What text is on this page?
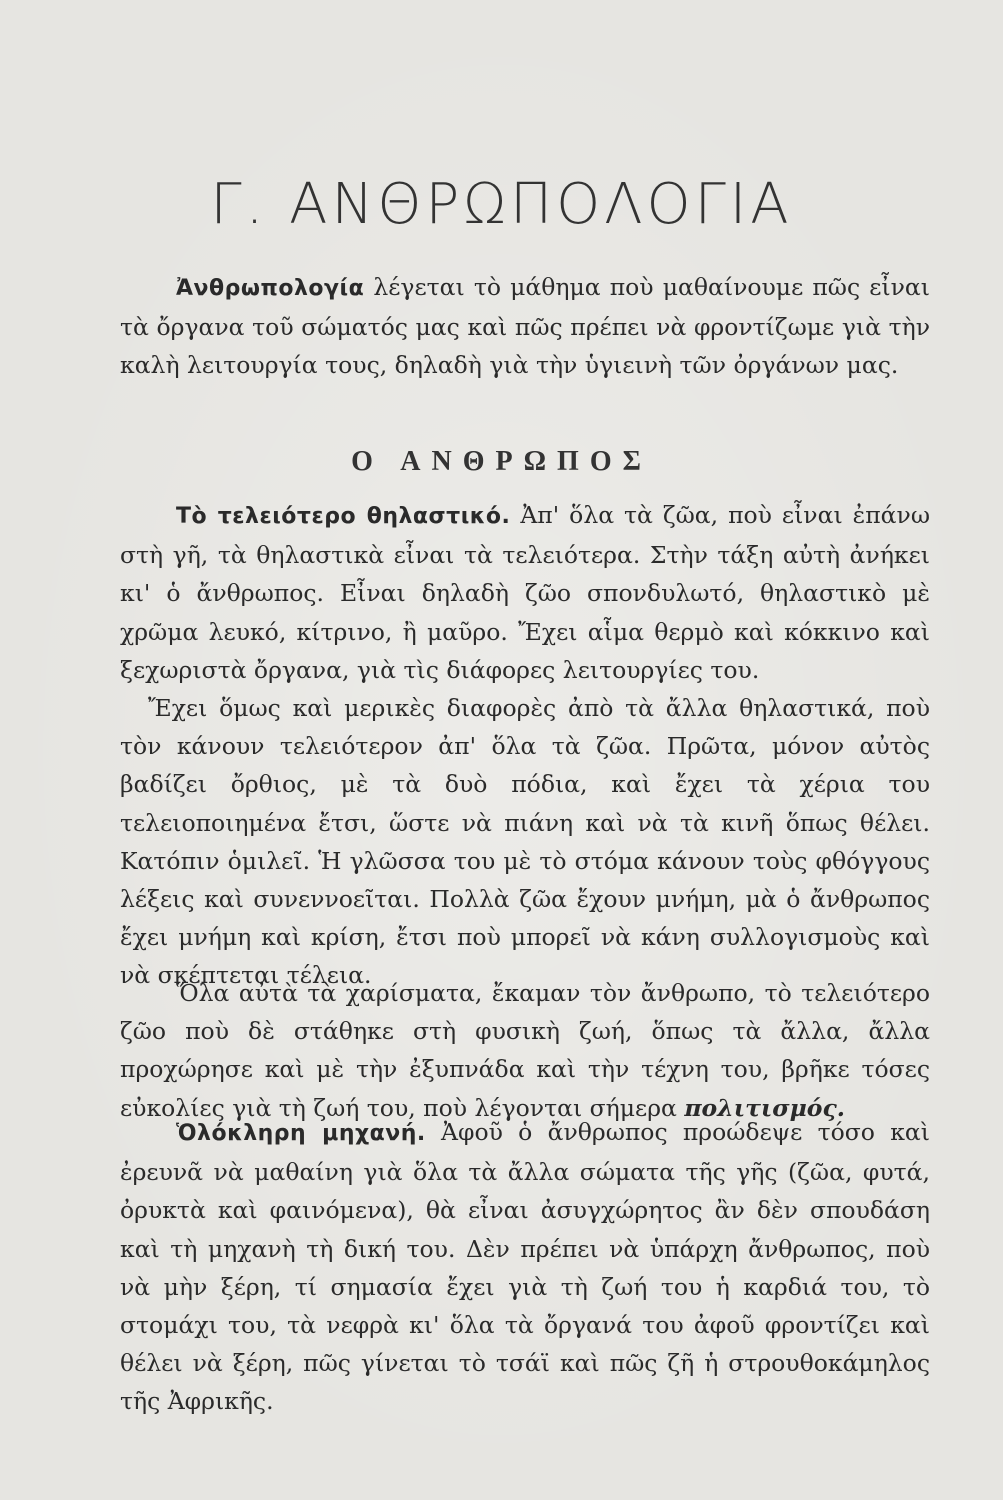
Γ. ΑΝΘΡΩΠΟΛΟΓΙΑ

Ἀνθρωπολογία λέγεται τὸ μάθημα ποὺ μαθαίνουμε πῶς εἶναι τὰ ὄργανα τοῦ σώματός μας καὶ πῶς πρέπει νὰ φροντίζωμε γιὰ τὴν καλὴ λειτουργία τους, δηλαδὴ γιὰ τὴν ὑγιεινὴ τῶν ὀργάνων μας.

Ο ΑΝΘΡΩΠΟΣ
Τὸ τελειότερο θηλαστικό. Ἀπ' ὅλα τὰ ζῶα, ποὺ εἶναι ἐπάνω στὴ γῆ, τὰ θηλαστικὰ εἶναι τὰ τελειότερα. Στὴν τάξη αὐτὴ ἀνήκει κι' ὁ ἄνθρωπος. Εἶναι δηλαδὴ ζῶο σπονδυλωτό, θηλαστικὸ μὲ χρῶμα λευκό, κίτρινο, ἢ μαῦρο. Ἔχει αἷμα θερμὸ καὶ κόκκινο καὶ ξεχωριστὰ ὄργανα, γιὰ τὶς διάφορες λειτουργίες του.
Ἔχει ὅμως καὶ μερικὲς διαφορὲς ἀπὸ τὰ ἄλλα θηλαστικά, ποὺ τὸν κάνουν τελειότερον ἀπ' ὅλα τὰ ζῶα. Πρῶτα, μόνον αὐτὸς βαδίζει ὄρθιος, μὲ τὰ δυὸ πόδια, καὶ ἔχει τὰ χέρια του τελειοποιημένα ἔτσι, ὥστε νὰ πιάνη καὶ νὰ τὰ κινῆ ὅπως θέλει. Κατόπιν ὁμιλεῖ. Ἡ γλῶσσα του μὲ τὸ στόμα κάνουν τοὺς φθόγγους λέξεις καὶ συνεννοεῖται. Πολλὰ ζῶα ἔχουν μνήμη, μὰ ὁ ἄνθρωπος ἔχει μνήμη καὶ κρίση, ἔτσι ποὺ μπορεῖ νὰ κάνη συλλογισμοὺς καὶ νὰ σκέπτεται τέλεια.

Ὅλα αὐτὰ τὰ χαρίσματα, ἔκαμαν τὸν ἄνθρωπο, τὸ τελειότερο ζῶο ποὺ δὲ στάθηκε στὴ φυσικὴ ζωή, ὅπως τὰ ἄλλα, ἄλλα προχώρησε καὶ μὲ τὴν ἐξυπνάδα καὶ τὴν τέχνη του, βρῆκε τόσες εὐκολίες γιὰ τὴ ζωή του, ποὺ λέγονται σήμερα πολιτισμός.

Ὁλόκληρη μηχανή. Ἀφοῦ ὁ ἄνθρωπος προώδεψε τόσο καὶ ἐρευνᾶ νὰ μαθαίνη γιὰ ὅλα τὰ ἄλλα σώματα τῆς γῆς (ζῶα, φυτά, ὀρυκτὰ καὶ φαινόμενα), θὰ εἶναι ἀσυγχώρητος ἂν δὲν σπουδάση καὶ τὴ μηχανὴ τὴ δική του. Δὲν πρέπει νὰ ὑπάρχη ἄνθρωπος, ποὺ νὰ μὴν ξέρη, τί σημασία ἔχει γιὰ τὴ ζωή του ἡ καρδιά του, τὸ στομάχι του, τὰ νεφρὰ κι' ὅλα τὰ ὄργανά του ἀφοῦ φροντίζει καὶ θέλει νὰ ξέρη, πῶς γίνεται τὸ τσάϊ καὶ πῶς ζῆ ἡ στρουθοκάμηλος τῆς Ἀφρικῆς.
